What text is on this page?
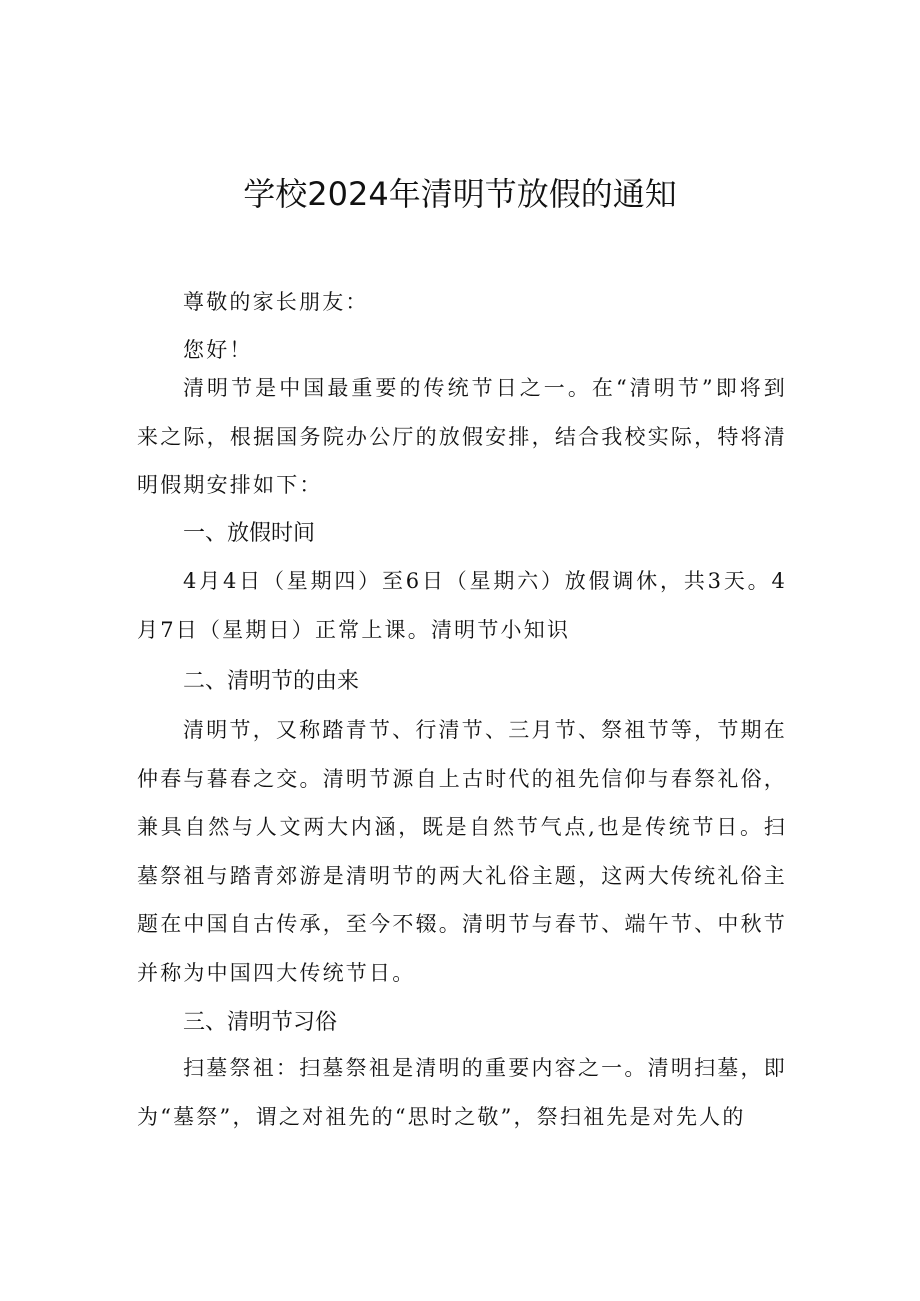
学校2024年清明节放假的通知
尊敬的家长朋友：
您好！
清明节是中国最重要的传统节日之一。在“清明节”即将到来之际，根据国务院办公厅的放假安排，结合我校实际，特将清明假期安排如下：
一、放假时间
4月4日（星期四）至6日（星期六）放假调休，共3天。4月7日（星期日）正常上课。清明节小知识
二、清明节的由来
清明节，又称踏青节、行清节、三月节、祭祖节等，节期在仲春与暮春之交。清明节源自上古时代的祖先信仰与春祭礼俗，兼具自然与人文两大内涵，既是自然节气点,也是传统节日。扫墓祭祖与踏青郊游是清明节的两大礼俗主题，这两大传统礼俗主题在中国自古传承，至今不辍。清明节与春节、端午节、中秋节并称为中国四大传统节日。
三、清明节习俗
扫墓祭祖：扫墓祭祖是清明的重要内容之一。清明扫墓，即为“墓祭”，谓之对祖先的“思时之敬”，祭扫祖先是对先人的
